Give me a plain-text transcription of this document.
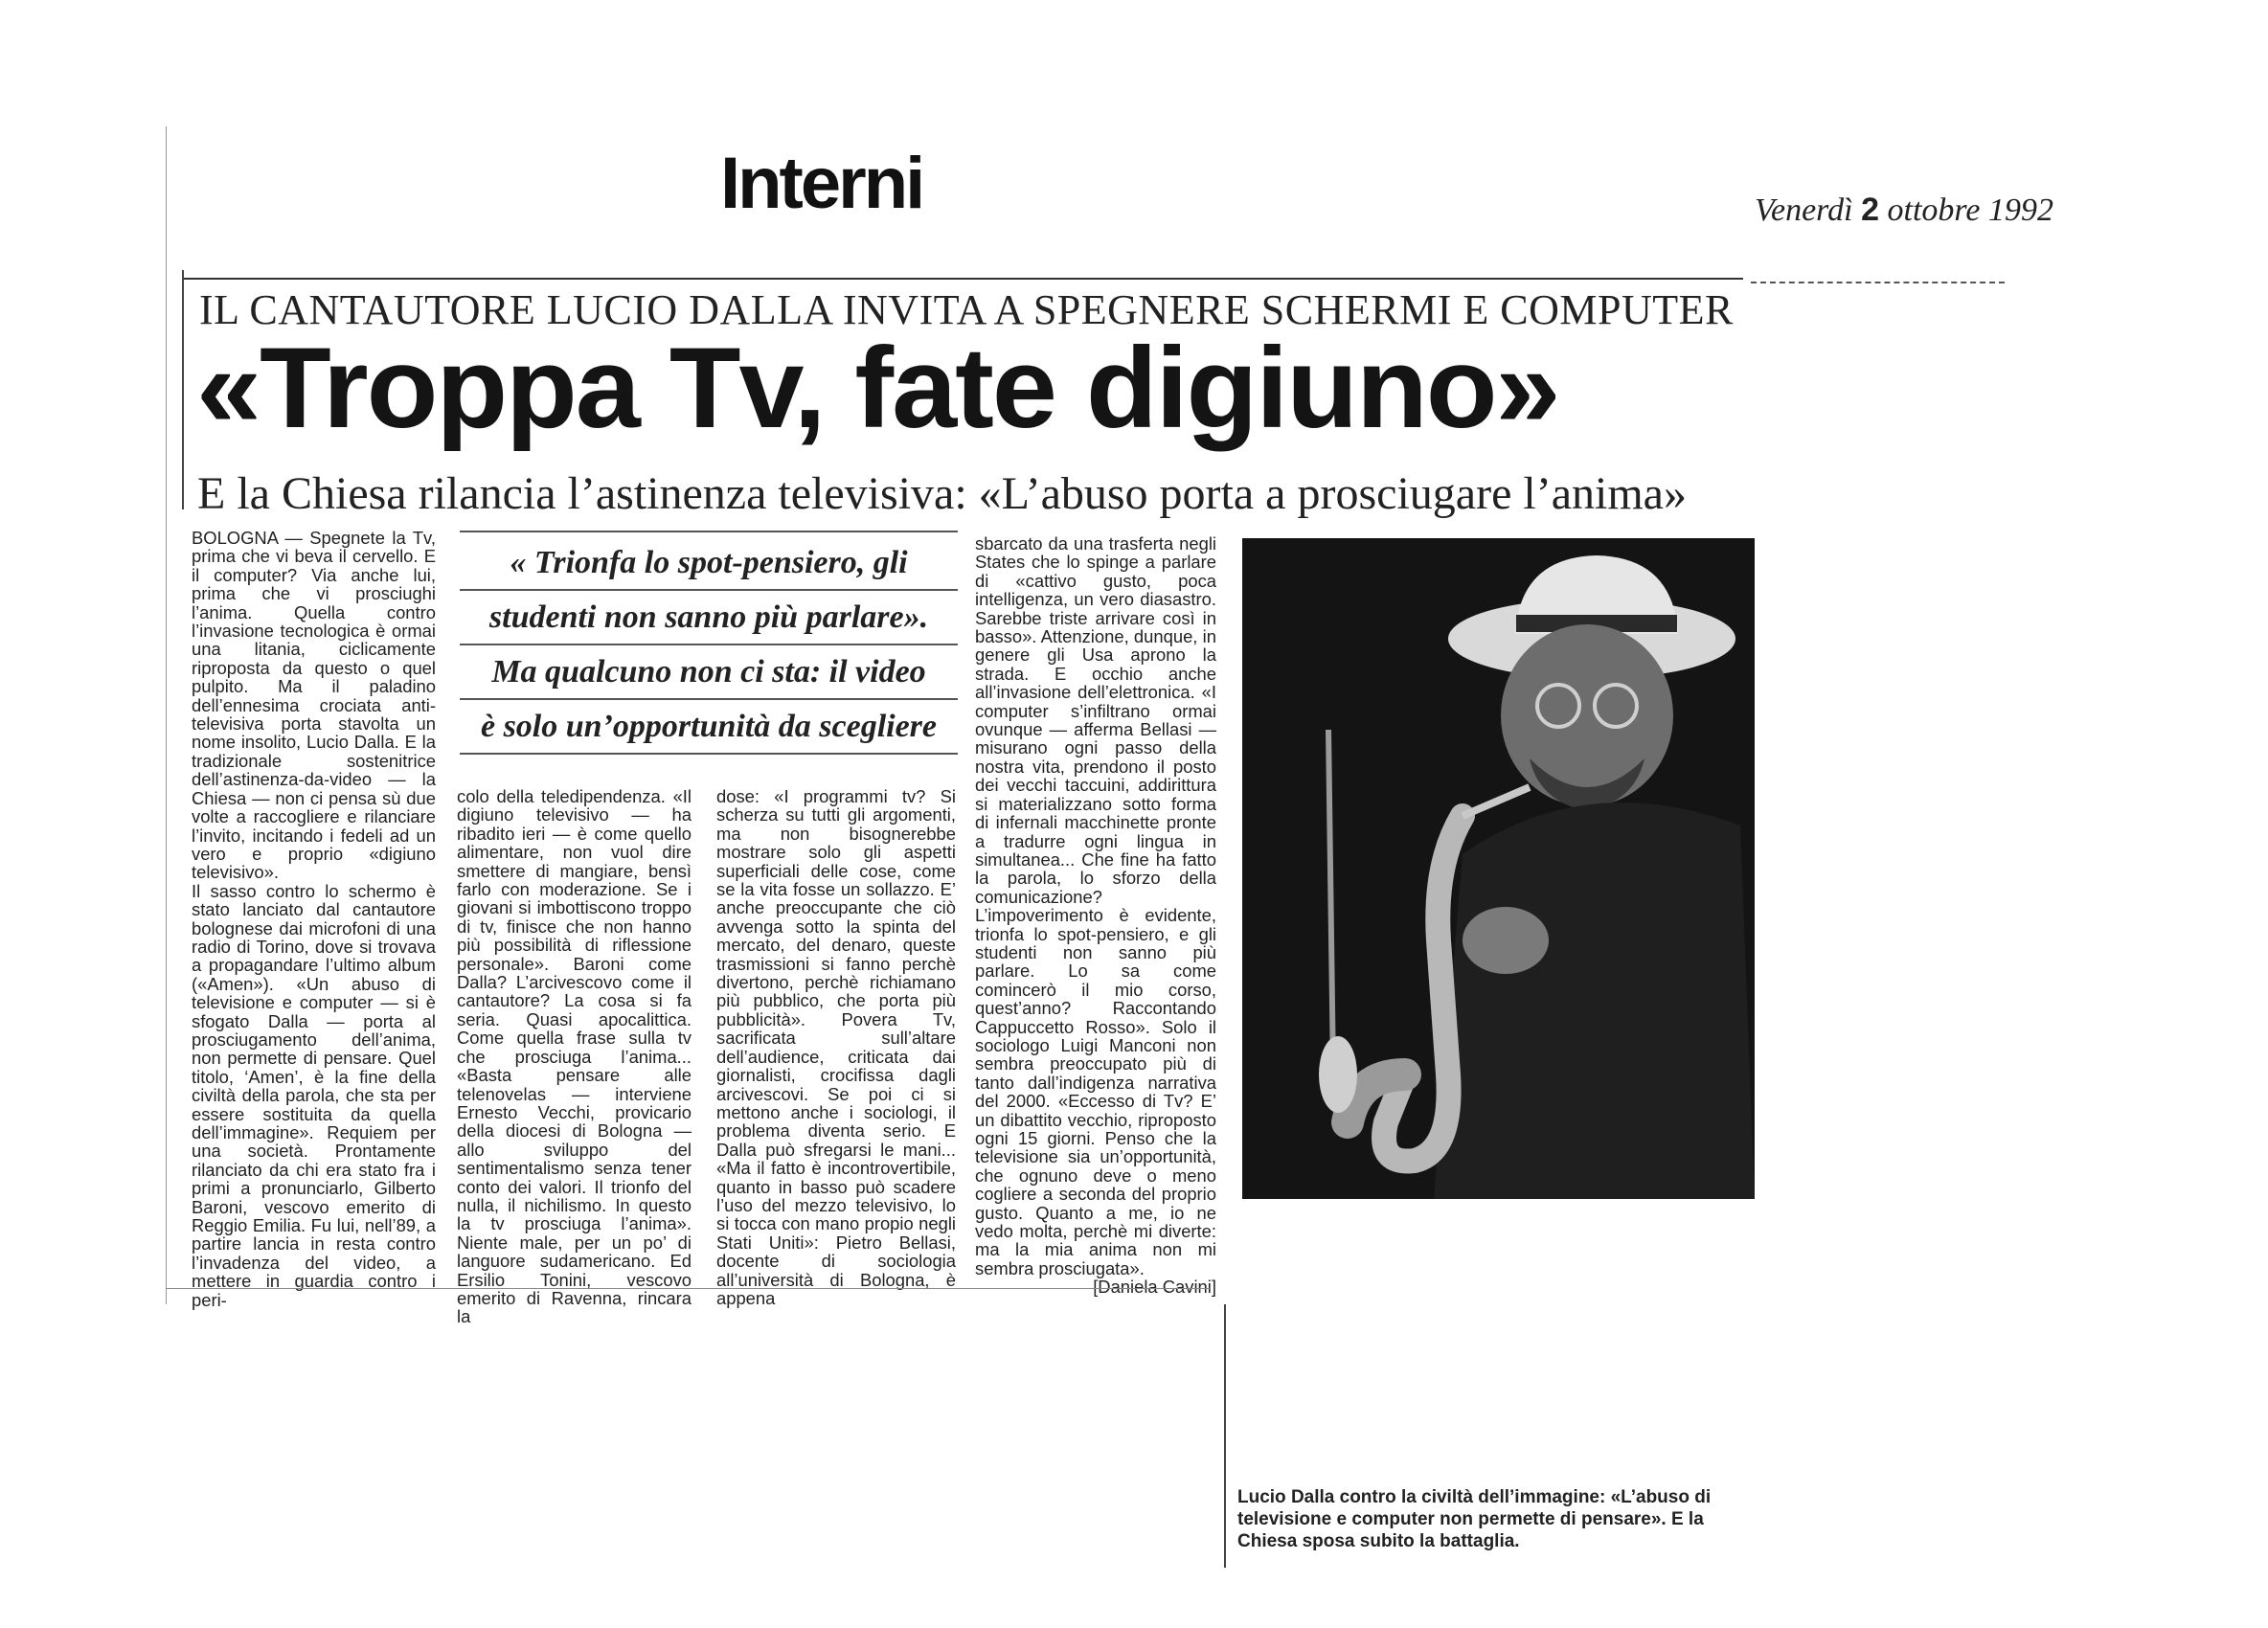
Interni	Venerdì 2 ottobre 1992
IL CANTAUTORE LUCIO DALLA INVITA A SPEGNERE SCHERMI E COMPUTER
«Troppa Tv, fate digiuno»
E la Chiesa rilancia l’astinenza televisiva: «L’abuso porta a prosciugare l’anima»

BOLOGNA — Spegnete la Tv, prima che vi beva il cervello. E il computer? Via anche lui, prima che vi prosciughi l’anima. Quella contro l’invasione tecnologica è ormai una litania, ciclicamente riproposta da questo o quel pulpito. Ma il paladino dell’ennesima crociata anti-televisiva porta stavolta un nome insolito, Lucio Dalla. E la tradizionale sostenitrice dell’astinenza-da-video — la Chiesa — non ci pensa sù due volte a raccogliere e rilanciare l’invito, incitando i fedeli ad un vero e proprio «digiuno televisivo».

Il sasso contro lo schermo è stato lanciato dal cantautore bolognese dai microfoni di una radio di Torino, dove si trovava a propagandare l’ultimo album («Amen»). «Un abuso di televisione e computer — si è sfogato Dalla — porta al prosciugamento dell’anima, non permette di pensare. Quel titolo, ‘Amen’, è la fine della civiltà della parola, che sta per essere sostituita da quella dell’immagine». Requiem per una società. Prontamente rilanciato da chi era stato fra i primi a pronunciarlo, Gilberto Baroni, vescovo emerito di Reggio Emilia. Fu lui, nell’89, a partire lancia in resta contro l’invadenza del video, a mettere in guardia contro i peri-

« Trionfa lo spot-pensiero, gli
studenti non sanno più parlare».
Ma qualcuno non ci sta: il video
è solo un’opportunità da scegliere

colo della teledipendenza. «Il digiuno televisivo — ha ribadito ieri — è come quello alimentare, non vuol dire smettere di mangiare, bensì farlo con moderazione. Se i giovani si imbottiscono troppo di tv, finisce che non hanno più possibilità di riflessione personale». Baroni come Dalla? L’arcivescovo come il cantautore? La cosa si fa seria. Quasi apocalittica. Come quella frase sulla tv che prosciuga l’anima... «Basta pensare alle telenovelas — interviene Ernesto Vecchi, provicario della diocesi di Bologna — allo sviluppo del sentimentalismo senza tener conto dei valori. Il trionfo del nulla, il nichilismo. In questo la tv prosciuga l’anima». Niente male, per un po’ di languore sudamericano. Ed Ersilio Tonini, vescovo emerito di Ravenna, rincara la

dose: «I programmi tv? Si scherza su tutti gli argomenti, ma non bisognerebbe mostrare solo gli aspetti superficiali delle cose, come se la vita fosse un sollazzo. E’ anche preoccupante che ciò avvenga sotto la spinta del mercato, del denaro, queste trasmissioni si fanno perchè divertono, perchè richiamano più pubblico, che porta più pubblicità». Povera Tv, sacrificata sull’altare dell’audience, criticata dai giornalisti, crocifissa dagli arcivescovi. Se poi ci si mettono anche i sociologi, il problema diventa serio. E Dalla può sfregarsi le mani... «Ma il fatto è incontrovertibile, quanto in basso può scadere l’uso del mezzo televisivo, lo si tocca con mano propio negli Stati Uniti»: Pietro Bellasi, docente di sociologia all’università di Bologna, è appena

sbarcato da una trasferta negli States che lo spinge a parlare di «cattivo gusto, poca intelligenza, un vero diasastro. Sarebbe triste arrivare così in basso». Attenzione, dunque, in genere gli Usa aprono la strada. E occhio anche all’invasione dell’elettronica. «I computer s’infiltrano ormai ovunque — afferma Bellasi — misurano ogni passo della nostra vita, prendono il posto dei vecchi taccuini, addirittura si materializzano sotto forma di infernali macchinette pronte a tradurre ogni lingua in simultanea... Che fine ha fatto la parola, lo sforzo della comunicazione? L’impoverimento è evidente, trionfa lo spot-pensiero, e gli studenti non sanno più parlare. Lo sa come comincerò il mio corso, quest’anno? Raccontando Cappuccetto Rosso». Solo il sociologo Luigi Manconi non sembra preoccupato più di tanto dall’indigenza narrativa del 2000. «Eccesso di Tv? E’ un dibattito vecchio, riproposto ogni 15 giorni. Penso che la televisione sia un’opportunità, che ognuno deve o meno cogliere a seconda del proprio gusto. Quanto a me, io ne vedo molta, perchè mi diverte: ma la mia anima non mi sembra prosciugata».

[Daniela Cavini]

Lucio Dalla contro la civiltà dell’immagine: «L’abuso di televisione e computer non permette di pensare». E la Chiesa sposa subito la battaglia.
